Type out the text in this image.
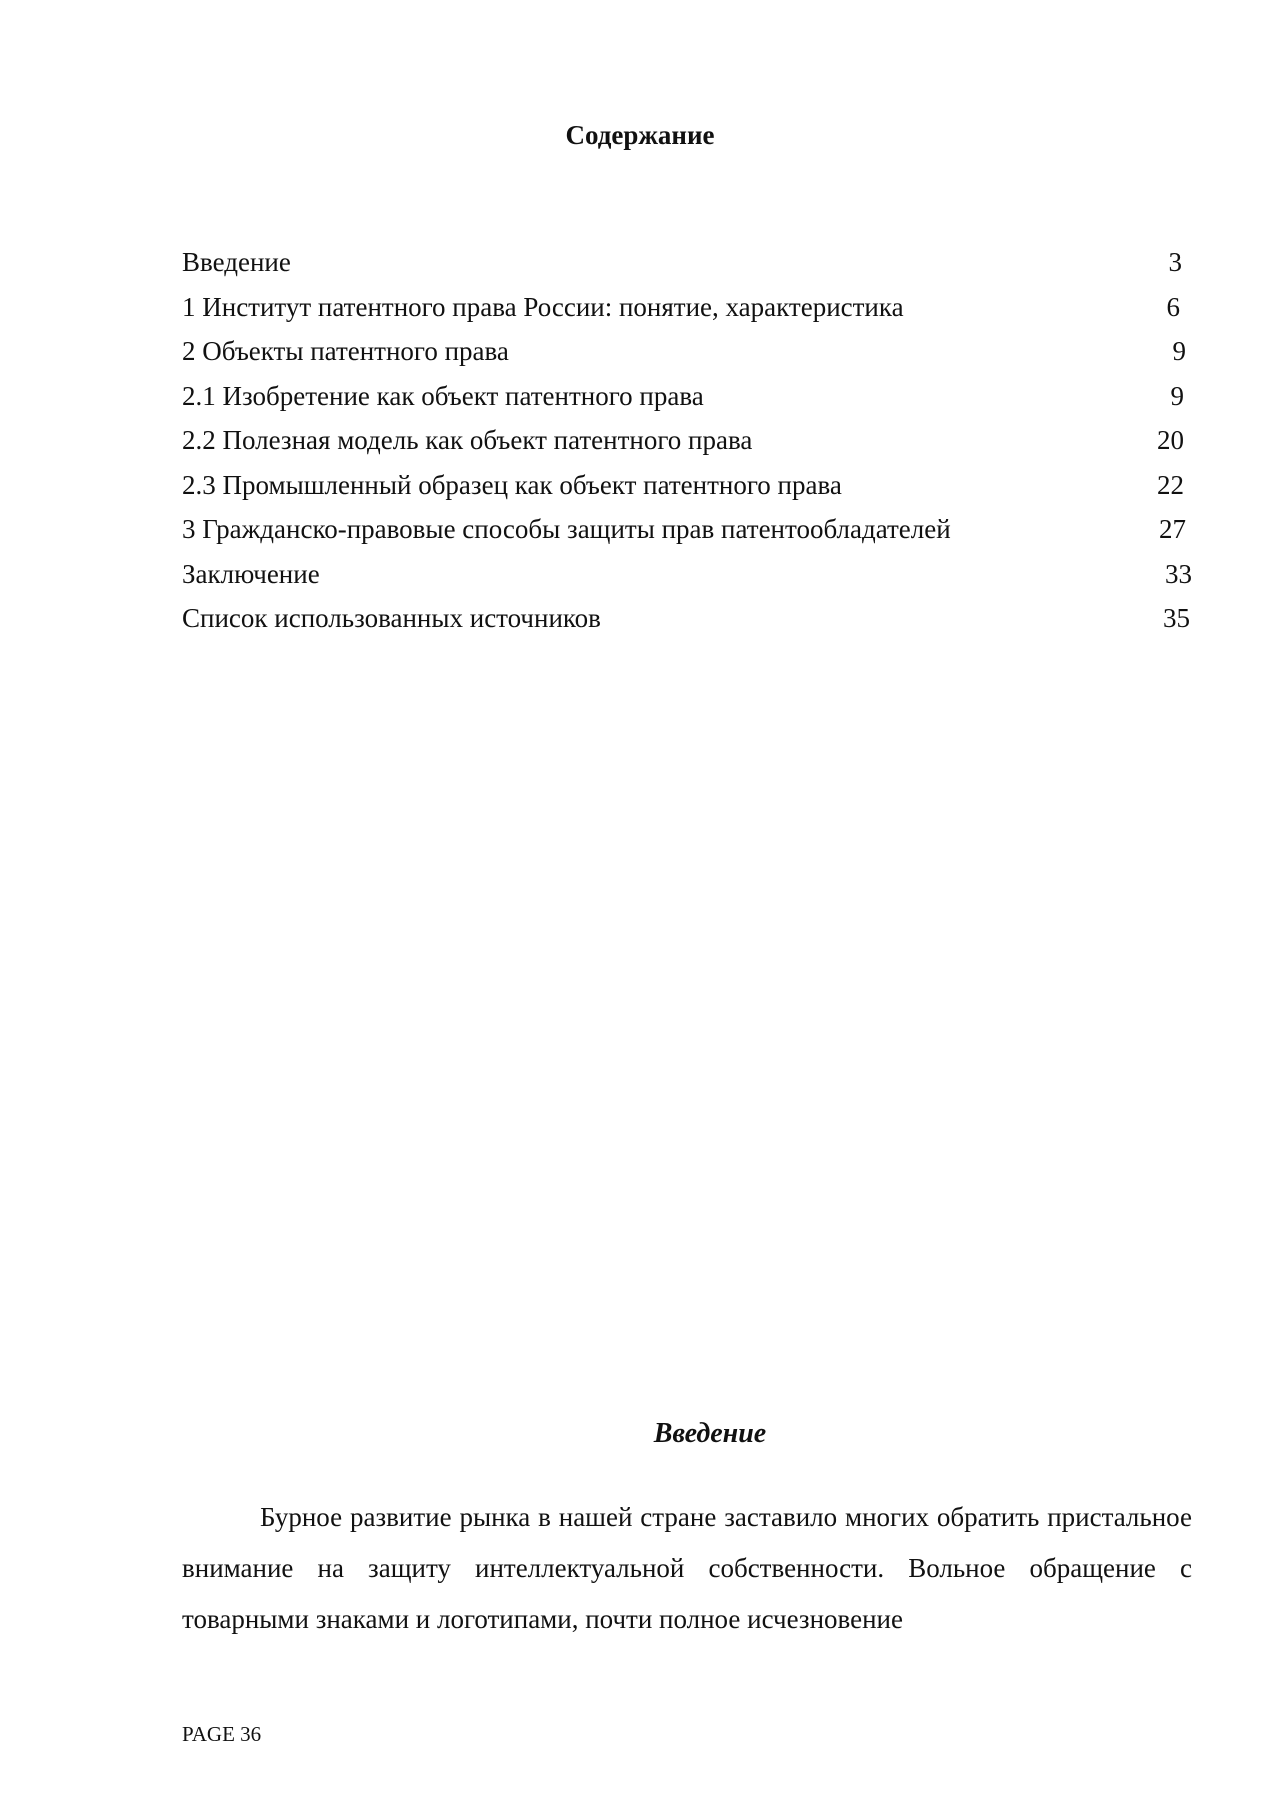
Содержание
Введение	3
1 Институт патентного права России: понятие, характеристика	6
2 Объекты патентного права	9
2.1 Изобретение как объект патентного права	9
2.2 Полезная модель как объект патентного права	20
2.3 Промышленный образец как объект патентного права	22
3 Гражданско-правовые способы защиты прав патентообладателей	27
Заключение	33
Список использованных источников	35
Введение

Бурное развитие рынка в нашей стране заставило многих обратить пристальное внимание на защиту интеллектуальной собственности. Вольное обращение с товарными знаками и логотипами, почти полное исчезновение

PAGE 36
